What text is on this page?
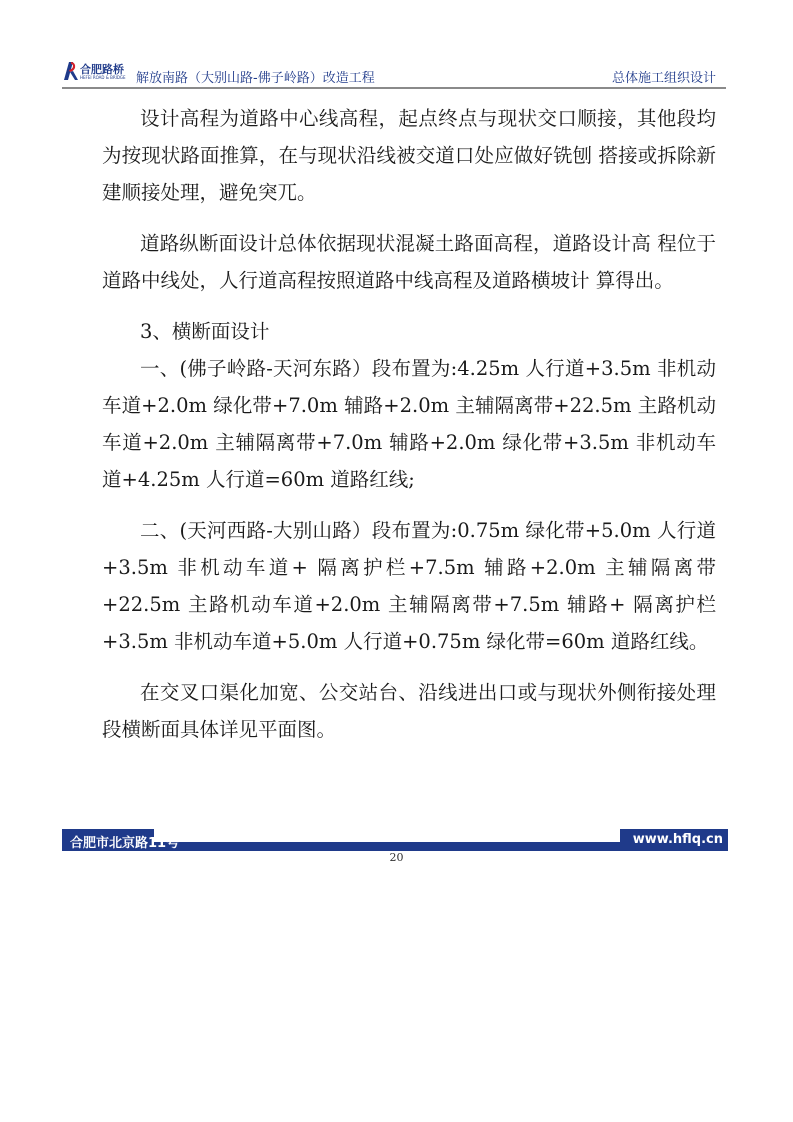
合肥路桥
HEFEI ROAD & BRIDGE 解放南路（大别山路-佛子岭路）改造工程	总体施工组织设计

设计高程为道路中心线高程，起点终点与现状交口顺接，其他段均为按现状路面推算，在与现状沿线被交道口处应做好铣刨 搭接或拆除新建顺接处理，避免突兀。

道路纵断面设计总体依据现状混凝土路面高程，道路设计高 程位于道路中线处，人行道高程按照道路中线高程及道路横坡计 算得出。

3、横断面设计

一、(佛子岭路-天河东路）段布置为:4.25m 人行道+3.5m 非机动车道+2.0m 绿化带+7.0m 辅路+2.0m 主辅隔离带+22.5m 主路机动车道+2.0m 主辅隔离带+7.0m 辅路+2.0m 绿化带+3.5m 非机动车道+4.25m 人行道=60m 道路红线;

二、(天河西路-大别山路）段布置为:0.75m 绿化带+5.0m 人行道+3.5m 非机动车道+ 隔离护栏+7.5m 辅路+2.0m 主辅隔离带+22.5m 主路机动车道+2.0m 主辅隔离带+7.5m 辅路+ 隔离护栏+3.5m 非机动车道+5.0m 人行道+0.75m 绿化带=60m 道路红线。

在交叉口渠化加宽、公交站台、沿线进出口或与现状外侧衔接处理段横断面具体详见平面图。

合肥市北京路11号	www.hflq.cn
20
